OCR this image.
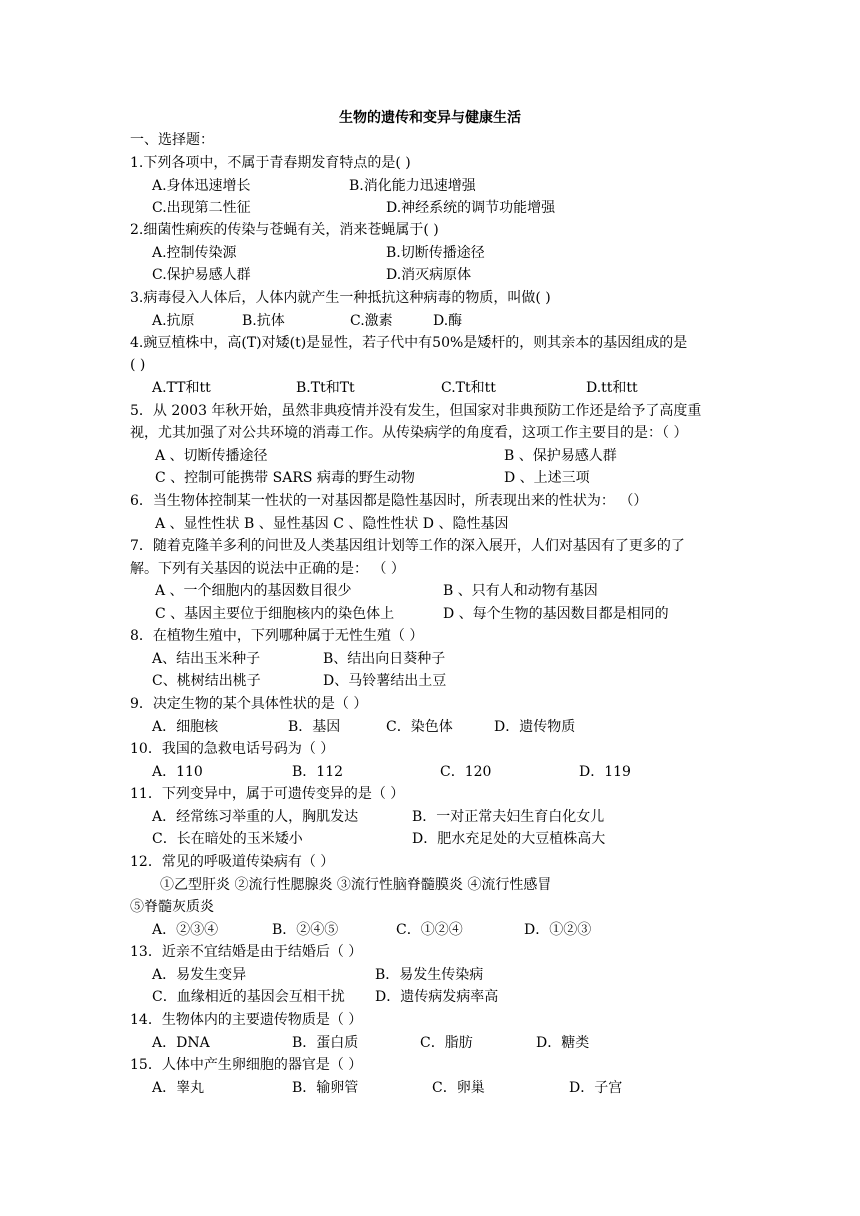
生物的遗传和变异与健康生活
一、选择题：
1.下列各项中，不属于青春期发育特点的是( )
A.身体迅速增长	B.消化能力迅速增强
C.出现第二性征	D.神经系统的调节功能增强
2.细菌性痢疾的传染与苍蝇有关，消来苍蝇属于( )
A.控制传染源	B.切断传播途径
C.保护易感人群	D.消灭病原体
3.病毒侵入人体后，人体内就产生一种抵抗这种病毒的物质，叫做( )
A.抗原	B.抗体	C.激素	D.酶
4.豌豆植株中，高(T)对矮(t)是显性，若子代中有50%是矮杆的，则其亲本的基因组成的是
( )
A.TT和tt	B.Tt和Tt	C.Tt和tt	D.tt和tt
5．从 2003 年秋开始，虽然非典疫情并没有发生，但国家对非典预防工作还是给予了高度重
视，尤其加强了对公共环境的消毒工作。从传染病学的角度看，这项工作主要目的是：（ ）
A 、切断传播途径	B 、保护易感人群
C 、控制可能携带 SARS 病毒的野生动物	D 、上述三项
6．当生物体控制某一性状的一对基因都是隐性基因时，所表现出来的性状为： （）
A 、显性性状 B 、显性基因 C 、隐性性状 D 、隐性基因
7．随着克隆羊多利的问世及人类基因组计划等工作的深入展开，人们对基因有了更多的了
解。下列有关基因的说法中正确的是： （ ）
A 、一个细胞内的基因数目很少	B 、只有人和动物有基因
C 、基因主要位于细胞核内的染色体上	D 、每个生物的基因数目都是相同的
8．在植物生殖中，下列哪种属于无性生殖（ ）
A、结出玉米种子	B、结出向日葵种子
C、桃树结出桃子	D、马铃薯结出土豆
9．决定生物的某个具体性状的是（ ）
A．细胞核	B．基因	C．染色体	D．遗传物质
10．我国的急救电话号码为（ ）
A．110	B．112	C．120	D．119
11．下列变异中，属于可遗传变异的是（ ）
A．经常练习举重的人，胸肌发达	B．一对正常夫妇生育白化女儿
C．长在暗处的玉米矮小	D．肥水充足处的大豆植株高大
12．常见的呼吸道传染病有（ ）
①乙型肝炎 ②流行性腮腺炎 ③流行性脑脊髓膜炎 ④流行性感冒
⑤脊髓灰质炎
A．②③④	B．②④⑤	C．①②④	D．①②③
13．近亲不宜结婚是由于结婚后（ ）
A．易发生变异	B．易发生传染病
C．血缘相近的基因会互相干扰 D．遗传病发病率高
14．生物体内的主要遗传物质是（ ）
A．DNA	B．蛋白质	C．脂肪	D．糖类
15．人体中产生卵细胞的器官是（ ）
A．睾丸	B．输卵管	C．卵巢	D．子宫
